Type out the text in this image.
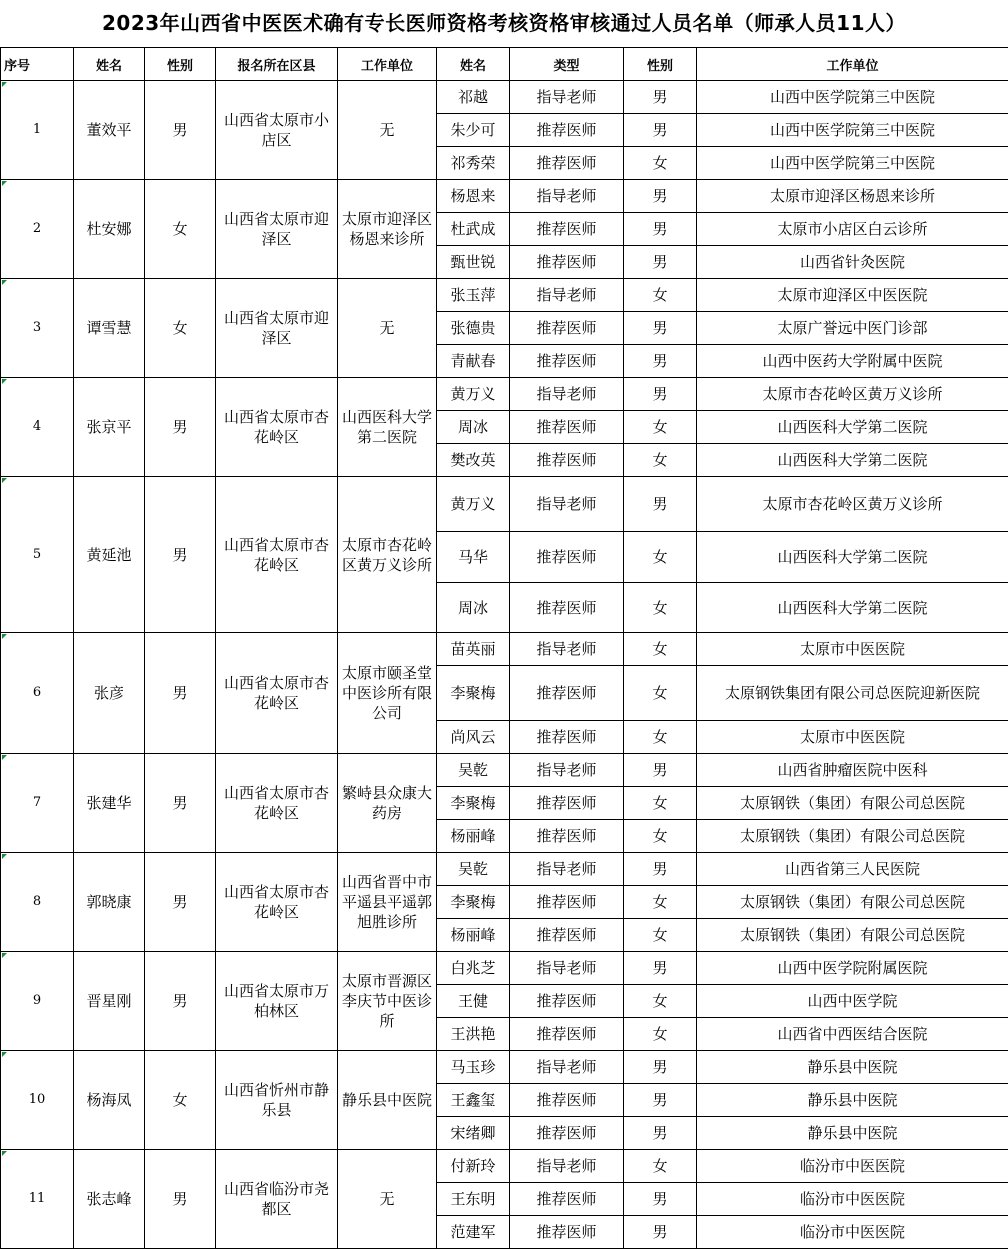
2023年山西省中医医术确有专长医师资格考核资格审核通过人员名单（师承人员11人）
序号	姓名	性别	报名所在区县	工作单位	姓名	类型	性别	工作单位
1	董效平	男	山西省太原市小店区	无	祁越	指导老师	男	山西中医学院第三中医院
					朱少可	推荐医师	男	山西中医学院第三中医院
					祁秀荣	推荐医师	女	山西中医学院第三中医院
2	杜安娜	女	山西省太原市迎泽区	太原市迎泽区杨恩来诊所	杨恩来	指导老师	男	太原市迎泽区杨恩来诊所
					杜武成	推荐医师	男	太原市小店区白云诊所
					甄世锐	推荐医师	男	山西省针灸医院
3	谭雪慧	女	山西省太原市迎泽区	无	张玉萍	指导老师	女	太原市迎泽区中医医院
					张德贵	推荐医师	男	太原广誉远中医门诊部
					青献春	推荐医师	男	山西中医药大学附属中医院
4	张京平	男	山西省太原市杏花岭区	山西医科大学第二医院	黄万义	指导老师	男	太原市杏花岭区黄万义诊所
					周冰	推荐医师	女	山西医科大学第二医院
					樊改英	推荐医师	女	山西医科大学第二医院
5	黄延池	男	山西省太原市杏花岭区	太原市杏花岭区黄万义诊所	黄万义	指导老师	男	太原市杏花岭区黄万义诊所
					马华	推荐医师	女	山西医科大学第二医院
					周冰	推荐医师	女	山西医科大学第二医院
6	张彦	男	山西省太原市杏花岭区	太原市颐圣堂中医诊所有限公司	苗英丽	指导老师	女	太原市中医医院
					李聚梅	推荐医师	女	太原钢铁集团有限公司总医院迎新医院
					尚风云	推荐医师	女	太原市中医医院
7	张建华	男	山西省太原市杏花岭区	繁峙县众康大药房	吴乾	指导老师	男	山西省肿瘤医院中医科
					李聚梅	推荐医师	女	太原钢铁（集团）有限公司总医院
					杨丽峰	推荐医师	女	太原钢铁（集团）有限公司总医院
8	郭晓康	男	山西省太原市杏花岭区	山西省晋中市平遥县平遥郭旭胜诊所	吴乾	指导老师	男	山西省第三人民医院
					李聚梅	推荐医师	女	太原钢铁（集团）有限公司总医院
					杨丽峰	推荐医师	女	太原钢铁（集团）有限公司总医院
9	晋星刚	男	山西省太原市万柏林区	太原市晋源区李庆节中医诊所	白兆芝	指导老师	男	山西中医学院附属医院
					王健	推荐医师	女	山西中医学院
					王洪艳	推荐医师	女	山西省中西医结合医院
10	杨海凤	女	山西省忻州市静乐县	静乐县中医院	马玉珍	指导老师	男	静乐县中医院
					王鑫玺	推荐医师	男	静乐县中医院
					宋绪卿	推荐医师	男	静乐县中医院
11	张志峰	男	山西省临汾市尧都区	无	付新玲	指导老师	女	临汾市中医医院
					王东明	推荐医师	男	临汾市中医医院
					范建军	推荐医师	男	临汾市中医医院
